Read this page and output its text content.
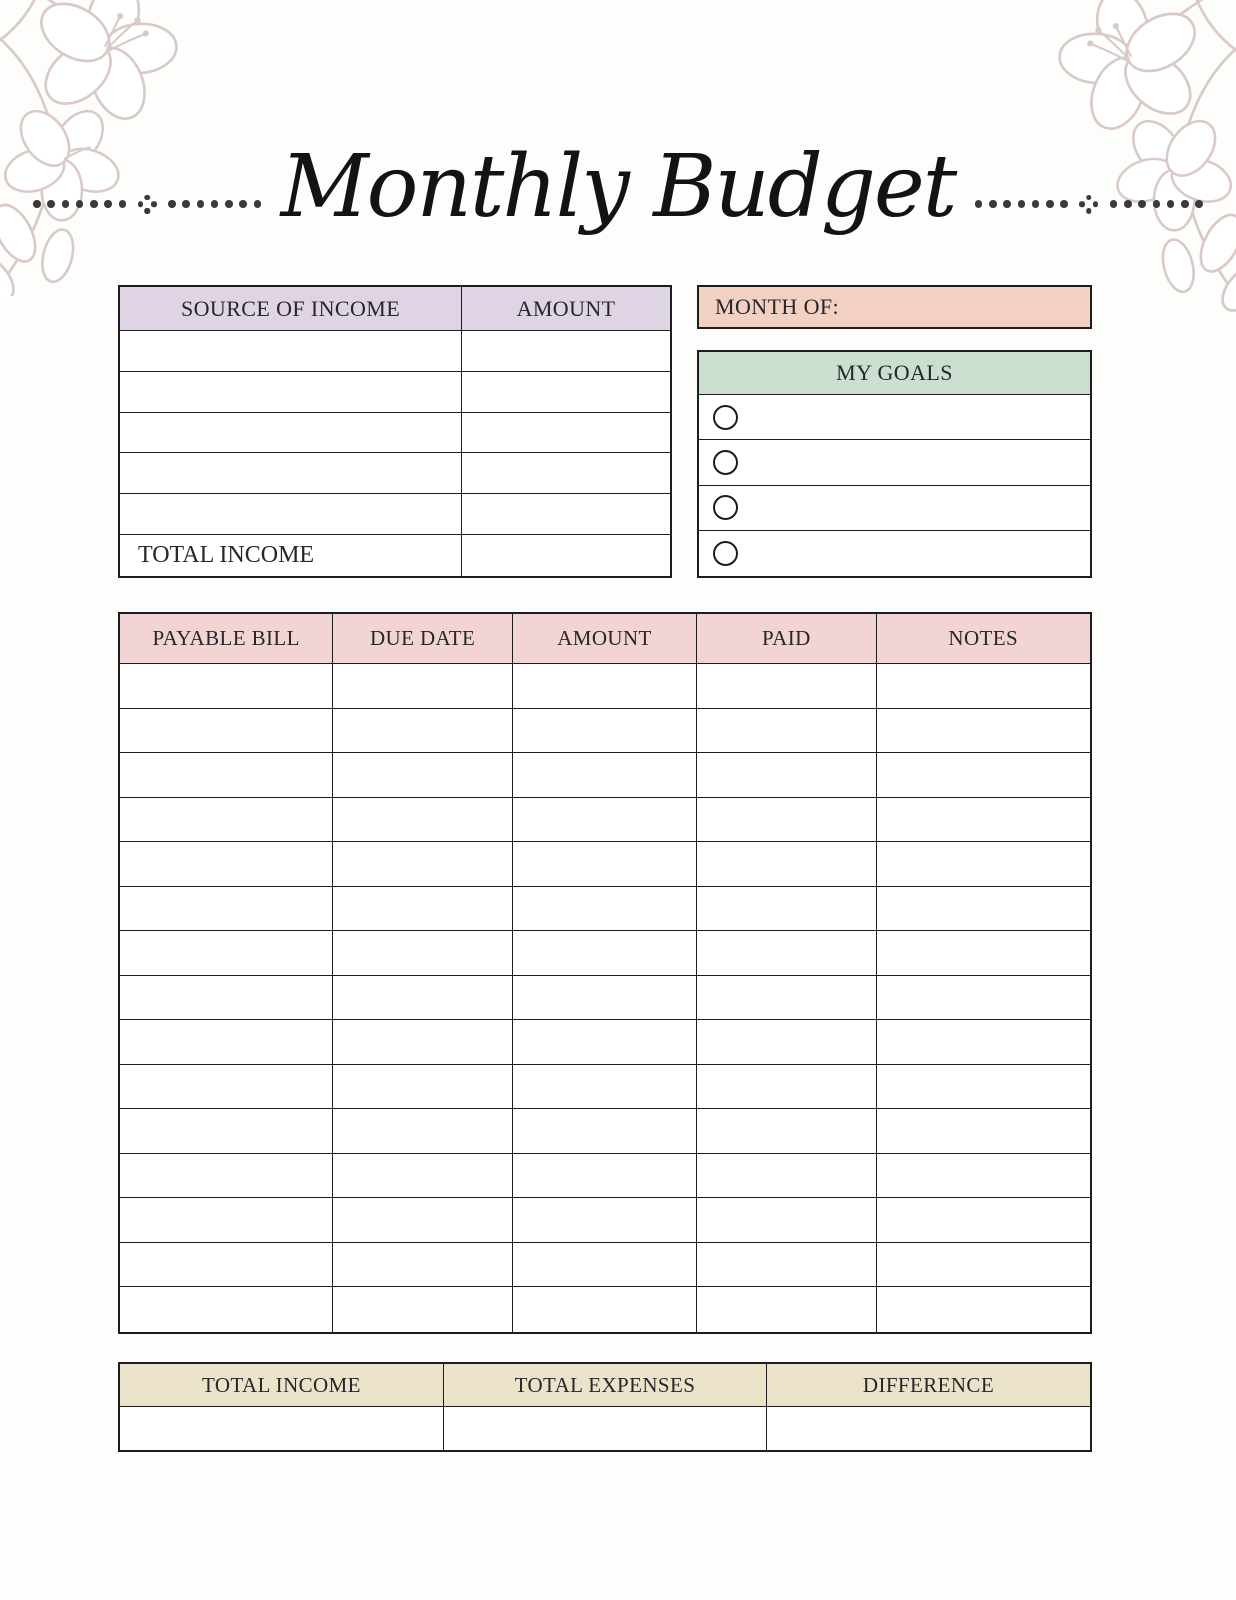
Monthly Budget
SOURCE OF INCOME	AMOUNT
TOTAL INCOME
MONTH OF:
MY GOALS
PAYABLE BILL	DUE DATE	AMOUNT	PAID	NOTES
TOTAL INCOME	TOTAL EXPENSES	DIFFERENCE
